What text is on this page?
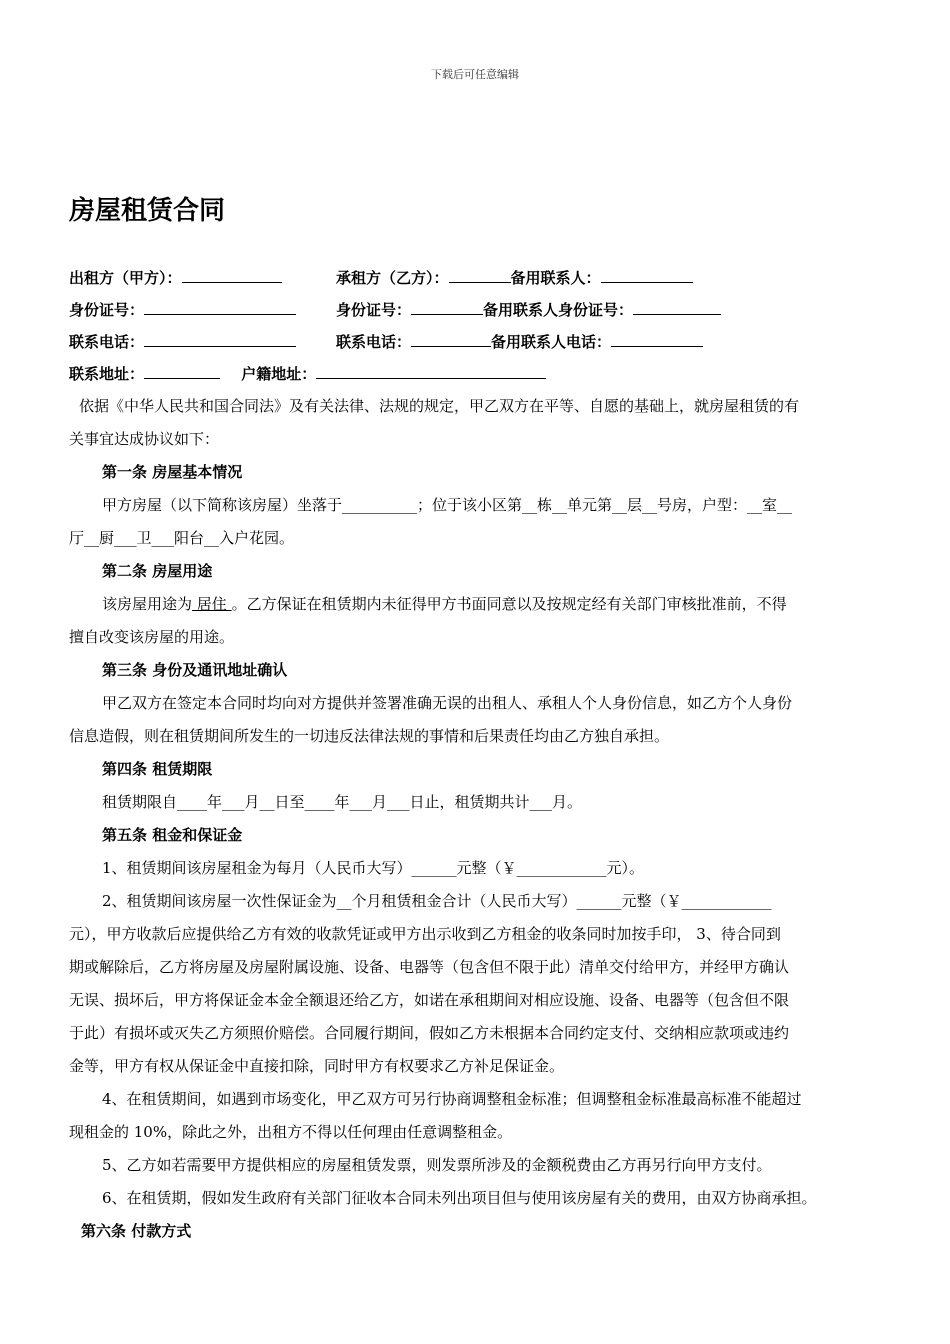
下载后可任意编辑
房屋租赁合同
出租方（甲方）：	承租方（乙方）：	备用联系人：
身份证号：	身份证号：	备用联系人身份证号：
联系电话：	联系电话：	备用联系人电话：
联系地址：	户籍地址：

依据《中华人民共和国合同法》及有关法律、法规的规定，甲乙双方在平等、自愿的基础上，就房屋租赁的有

关事宜达成协议如下：

第一条 房屋基本情况

甲方房屋（以下简称该房屋）坐落于__________；位于该小区第__栋__单元第__层__号房，户型：__室__

厅__厨___卫___阳台__入户花园。

第二条 房屋用途

该房屋用途为 居住 。乙方保证在租赁期内未征得甲方书面同意以及按规定经有关部门审核批准前，不得

擅自改变该房屋的用途。

第三条 身份及通讯地址确认

甲乙双方在签定本合同时均向对方提供并签署准确无误的出租人、承租人个人身份信息，如乙方个人身份

信息造假，则在租赁期间所发生的一切违反法律法规的事情和后果责任均由乙方独自承担。

第四条 租赁期限

租赁期限自____年___月__日至____年___月___日止，租赁期共计___月。

第五条 租金和保证金

1、租赁期间该房屋租金为每月（人民币大写）______元整（￥____________元）。

2、租赁期间该房屋一次性保证金为__个月租赁租金合计（人民币大写）______元整（￥____________

元），甲方收款后应提供给乙方有效的收款凭证或甲方出示收到乙方租金的收条同时加按手印， 3、待合同到

期或解除后，乙方将房屋及房屋附属设施、设备、电器等（包含但不限于此）清单交付给甲方，并经甲方确认

无误、损坏后，甲方将保证金本金全额退还给乙方，如诺在承租期间对相应设施、设备、电器等（包含但不限

于此）有损坏或灭失乙方须照价赔偿。合同履行期间，假如乙方未根据本合同约定支付、交纳相应款项或违约

金等，甲方有权从保证金中直接扣除，同时甲方有权要求乙方补足保证金。

4、在租赁期间，如遇到市场变化，甲乙双方可另行协商调整租金标准；但调整租金标准最高标准不能超过

现租金的 10%，除此之外，出租方不得以任何理由任意调整租金。

5、乙方如若需要甲方提供相应的房屋租赁发票，则发票所涉及的金额税费由乙方再另行向甲方支付。

6、在租赁期，假如发生政府有关部门征收本合同未列出项目但与使用该房屋有关的费用，由双方协商承担。

第六条 付款方式
